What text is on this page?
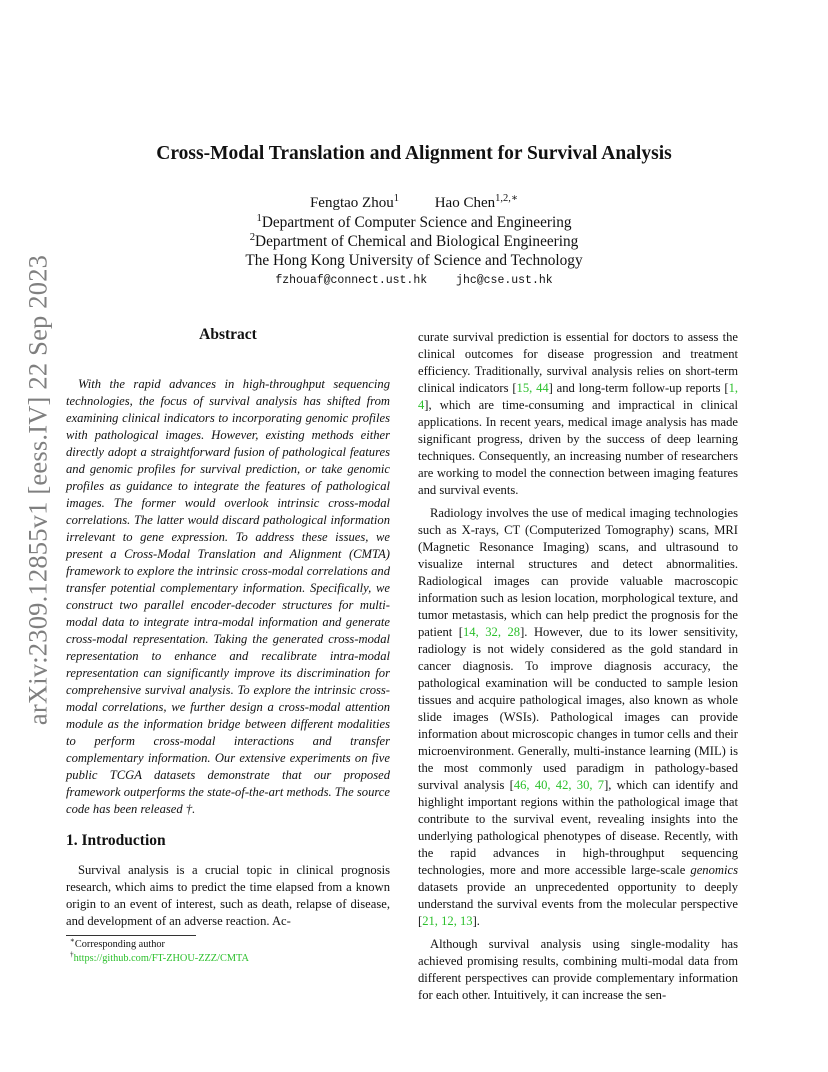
arXiv:2309.12855v1 [eess.IV] 22 Sep 2023
Cross-Modal Translation and Alignment for Survival Analysis
Fengtao Zhou$^1$ Hao Chen$^{1,2,∗}$
$^1$Department of Computer Science and Engineering
$^2$Department of Chemical and Biological Engineering
The Hong Kong University of Science and Technology
fzhouaf@connect.ust.hk	jhc@cse.ust.hk
Abstract
With the rapid advances in high-throughput sequencing technologies, the focus of survival analysis has shifted from examining clinical indicators to incorporating genomic profiles with pathological images. However, existing methods either directly adopt a straightforward fusion of pathological features and genomic profiles for survival prediction, or take genomic profiles as guidance to integrate the features of pathological images. The former would overlook intrinsic cross-modal correlations. The latter would discard pathological information irrelevant to gene expression. To address these issues, we present a Cross-Modal Translation and Alignment (CMTA) framework to explore the intrinsic cross-modal correlations and transfer potential complementary information. Specifically, we construct two parallel encoder-decoder structures for multi-modal data to integrate intra-modal information and generate cross-modal representation. Taking the generated cross-modal representation to enhance and recalibrate intra-modal representation can significantly improve its discrimination for comprehensive survival analysis. To explore the intrinsic cross-modal correlations, we further design a cross-modal attention module as the information bridge between different modalities to perform cross-modal interactions and transfer complementary information. Our extensive experiments on five public TCGA datasets demonstrate that our proposed framework outperforms the state-of-the-art methods. The source code has been released †.
1. Introduction
Survival analysis is a crucial topic in clinical prognosis research, which aims to predict the time elapsed from a known origin to an event of interest, such as death, relapse of disease, and development of an adverse reaction. Ac-
∗Corresponding author
†https://github.com/FT-ZHOU-ZZZ/CMTA

curate survival prediction is essential for doctors to assess the clinical outcomes for disease progression and treatment efficiency. Traditionally, survival analysis relies on short-term clinical indicators [15, 44] and long-term follow-up reports [1, 4], which are time-consuming and impractical in clinical applications. In recent years, medical image analysis has made significant progress, driven by the success of deep learning techniques. Consequently, an increasing number of researchers are working to model the connection between imaging features and survival events.

Radiology involves the use of medical imaging technologies such as X-rays, CT (Computerized Tomography) scans, MRI (Magnetic Resonance Imaging) scans, and ultrasound to visualize internal structures and detect abnormalities. Radiological images can provide valuable macroscopic information such as lesion location, morphological texture, and tumor metastasis, which can help predict the prognosis for the patient [14, 32, 28]. However, due to its lower sensitivity, radiology is not widely considered as the gold standard in cancer diagnosis. To improve diagnosis accuracy, the pathological examination will be conducted to sample lesion tissues and acquire pathological images, also known as whole slide images (WSIs). Pathological images can provide information about microscopic changes in tumor cells and their microenvironment. Generally, multi-instance learning (MIL) is the most commonly used paradigm in pathology-based survival analysis [46, 40, 42, 30, 7], which can identify and highlight important regions within the pathological image that contribute to the survival event, revealing insights into the underlying pathological phenotypes of disease. Recently, with the rapid advances in high-throughput sequencing technologies, more and more accessible large-scale genomics datasets provide an unprecedented opportunity to deeply understand the survival events from the molecular perspective [21, 12, 13].

Although survival analysis using single-modality has achieved promising results, combining multi-modal data from different perspectives can provide complementary information for each other. Intuitively, it can increase the sen-
